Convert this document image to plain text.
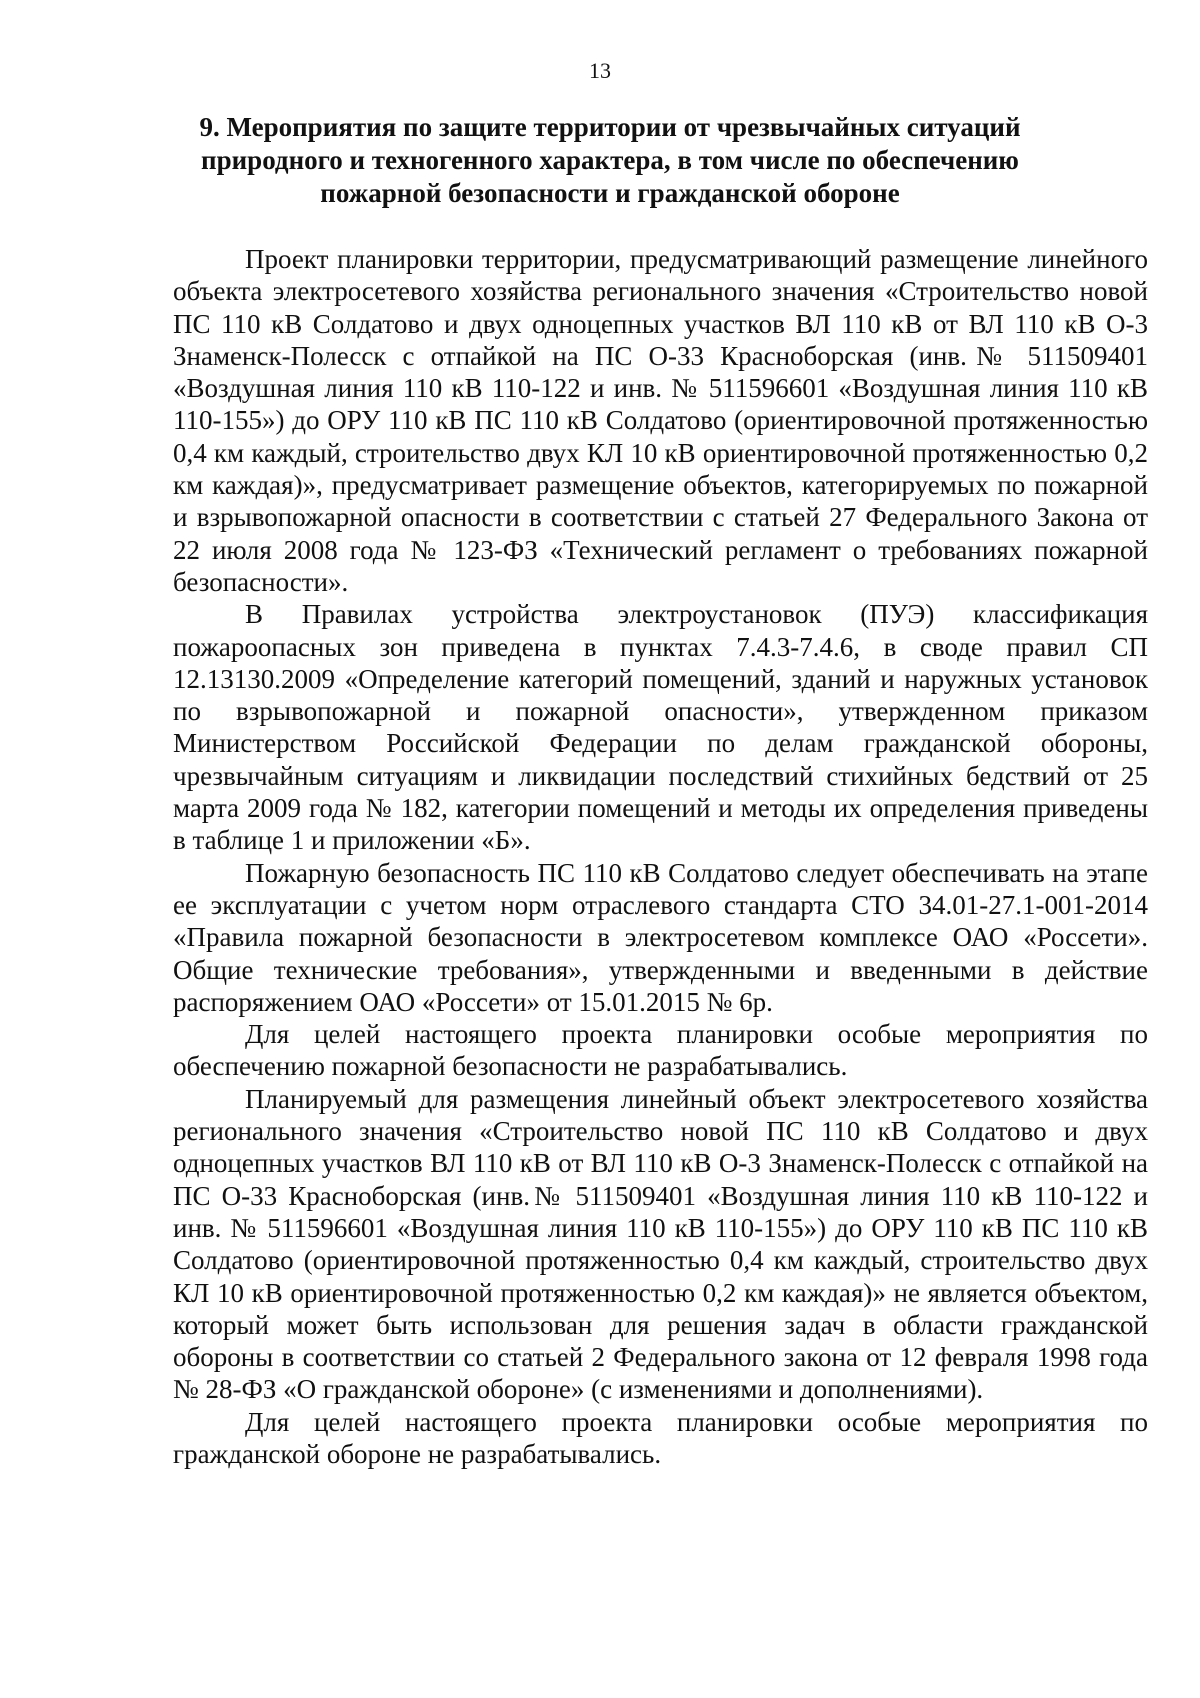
13
9. Мероприятия по защите территории от чрезвычайных ситуаций природного и техногенного характера, в том числе по обеспечению пожарной безопасности и гражданской обороне

Проект планировки территории, предусматривающий размещение линейного объекта электросетевого хозяйства регионального значения «Строительство новой ПС 110 кВ Солдатово и двух одноцепных участков ВЛ 110 кВ от ВЛ 110 кВ О-3 Знаменск-Полесск с отпайкой на ПС О-33 Красноборская (инв.№ 511509401 «Воздушная линия 110 кВ 110-122 и инв. № 511596601 «Воздушная линия 110 кВ 110-155») до ОРУ 110 кВ ПС 110 кВ Солдатово (ориентировочной протяженностью 0,4 км каждый, строительство двух КЛ 10 кВ ориентировочной протяженностью 0,2 км каждая)», предусматривает размещение объектов, категорируемых по пожарной и взрывопожарной опасности в соответствии с статьей 27 Федерального Закона от 22 июля 2008 года № 123-ФЗ «Технический регламент о требованиях пожарной безопасности».

В Правилах устройства электроустановок (ПУЭ) классификация пожароопасных зон приведена в пунктах 7.4.3-7.4.6, в своде правил СП 12.13130.2009 «Определение категорий помещений, зданий и наружных установок по взрывопожарной и пожарной опасности», утвержденном приказом Министерством Российской Федерации по делам гражданской обороны, чрезвычайным ситуациям и ликвидации последствий стихийных бедствий от 25 марта 2009 года № 182, категории помещений и методы их определения приведены в таблице 1 и приложении «Б».

Пожарную безопасность ПС 110 кВ Солдатово следует обеспечивать на этапе ее эксплуатации с учетом норм отраслевого стандарта СТО 34.01-27.1-001-2014 «Правила пожарной безопасности в электросетевом комплексе ОАО «Россети». Общие технические требования», утвержденными и введенными в действие распоряжением ОАО «Россети» от 15.01.2015 № 6р.

Для целей настоящего проекта планировки особые мероприятия по обеспечению пожарной безопасности не разрабатывались.

Планируемый для размещения линейный объект электросетевого хозяйства регионального значения «Строительство новой ПС 110 кВ Солдатово и двух одноцепных участков ВЛ 110 кВ от ВЛ 110 кВ О-3 Знаменск-Полесск с отпайкой на ПС О-33 Красноборская (инв.№ 511509401 «Воздушная линия 110 кВ 110-122 и инв. № 511596601 «Воздушная линия 110 кВ 110-155») до ОРУ 110 кВ ПС 110 кВ Солдатово (ориентировочной протяженностью 0,4 км каждый, строительство двух КЛ 10 кВ ориентировочной протяженностью 0,2 км каждая)» не является объектом, который может быть использован для решения задач в области гражданской обороны в соответствии со статьей 2 Федерального закона от 12 февраля 1998 года № 28-ФЗ «О гражданской обороне» (с изменениями и дополнениями).

Для целей настоящего проекта планировки особые мероприятия по гражданской обороне не разрабатывались.
